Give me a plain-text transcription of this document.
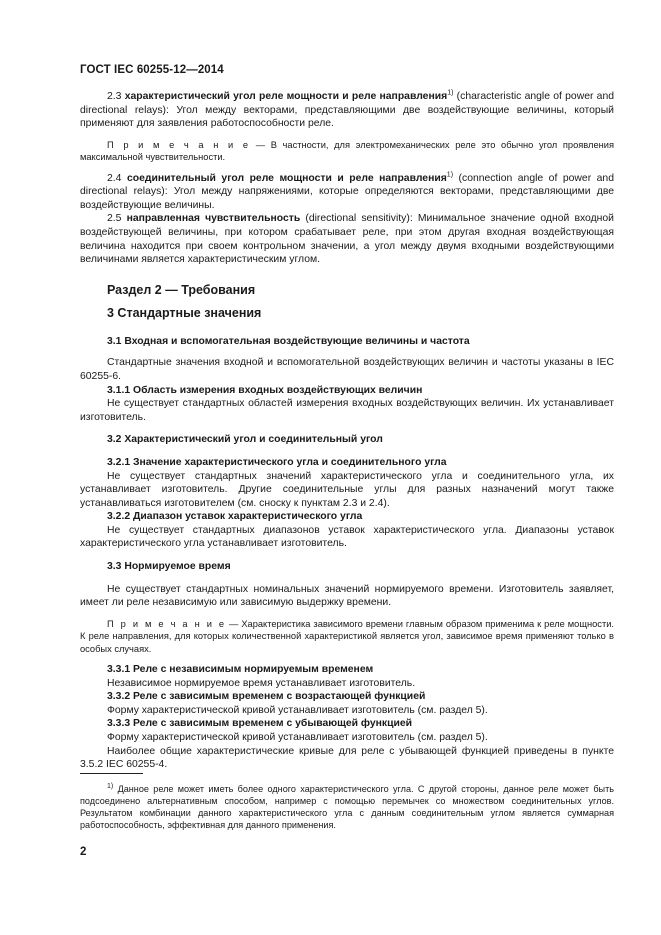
ГОСТ IEC 60255-12—2014

2.3 характеристический угол реле мощности и реле направления$^{1)}$ (characteristic angle of power and directional relays): Угол между векторами, представляющими две воздействующие величины, который применяют для заявления работоспособности реле.

П р и м е ч а н и е — В частности, для электромеханических реле это обычно угол проявления максимальной чувствительности.

2.4 соединительный угол реле мощности и реле направления$^{1)}$ (connection angle of power and directional relays): Угол между напряжениями, которые определяются векторами, представляющими две воздействующие величины.

2.5 направленная чувствительность (directional sensitivity): Минимальное значение одной входной воздействующей величины, при котором срабатывает реле, при этом другая входная воздействующая величина находится при своем контрольном значении, а угол между двумя входными воздействующими величинами является характеристическим углом.

Раздел 2 — Требования
3 Стандартные значения
3.1 Входная и вспомогательная воздействующие величины и частота

Стандартные значения входной и вспомогательной воздействующих величин и частоты указаны в IEC 60255-6.

3.1.1 Область измерения входных воздействующих величин

Не существует стандартных областей измерения входных воздействующих величин. Их устанавливает изготовитель.

3.2 Характеристический угол и соединительный угол
3.2.1 Значение характеристического угла и соединительного угла

Не существует стандартных значений характеристического угла и соединительного угла, их устанавливает изготовитель. Другие соединительные углы для разных назначений могут также устанавливаться изготовителем (см. сноску к пунктам 2.3 и 2.4).

3.2.2 Диапазон уставок характеристического угла

Не существует стандартных диапазонов уставок характеристического угла. Диапазоны уставок характеристического угла устанавливает изготовитель.

3.3 Нормируемое время

Не существует стандартных номинальных значений нормируемого времени. Изготовитель заявляет, имеет ли реле независимую или зависимую выдержку времени.

П р и м е ч а н и е — Характеристика зависимого времени главным образом применима к реле мощности. К реле направления, для которых количественной характеристикой является угол, зависимое время применяют только в особых случаях.

3.3.1 Реле с независимым нормируемым временем

Независимое нормируемое время устанавливает изготовитель.

3.3.2 Реле с зависимым временем с возрастающей функцией

Форму характеристической кривой устанавливает изготовитель (см. раздел 5).

3.3.3 Реле с зависимым временем с убывающей функцией

Форму характеристической кривой устанавливает изготовитель (см. раздел 5).

Наиболее общие характеристические кривые для реле с убывающей функцией приведены в пункте 3.5.2 IEC 60255-4.

$^{1)}$ Данное реле может иметь более одного характеристического угла. С другой стороны, данное реле может быть подсоединено альтернативным способом, например с помощью перемычек со множеством соединительных углов. Результатом комбинации данного характеристического угла с данным соединительным углом является суммарная работоспособность, эффективная для данного применения.

2
